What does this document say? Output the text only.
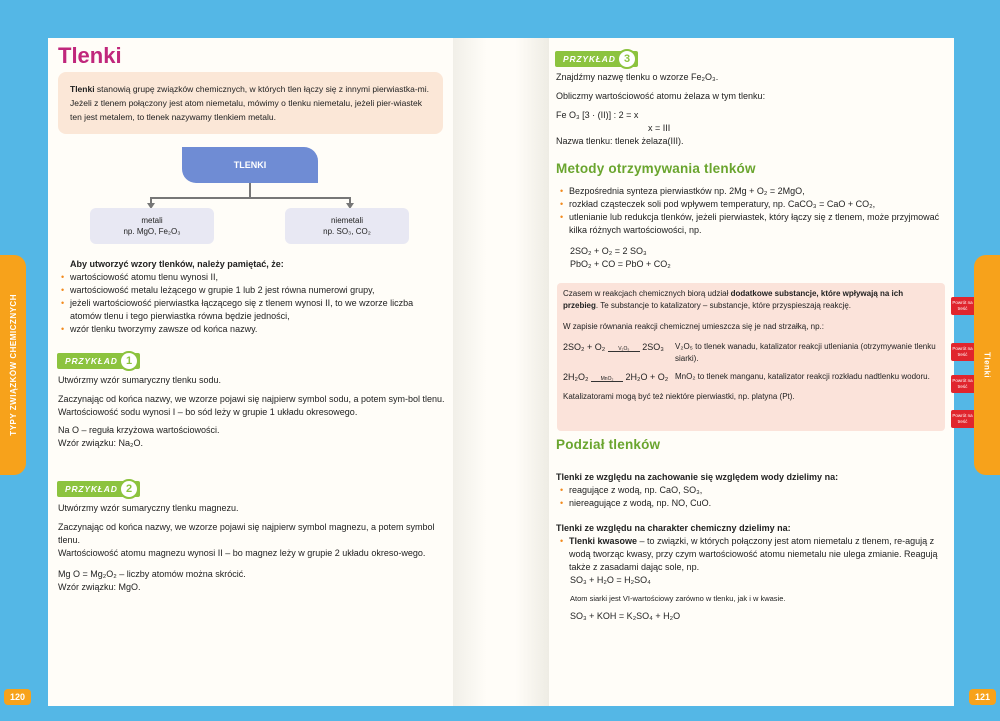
TYPY ZWIĄZKÓW CHEMICZNYCH	Tlenki
120	121
Tlenki
Tlenki stanowią grupę związków chemicznych, w których tlen łączy się z innymi pierwiastka-mi. Jeżeli z tlenem połączony jest atom niemetalu, mówimy o tlenku niemetalu, jeżeli pier-wiastek ten jest metalem, to tlenek nazywamy tlenkiem metalu.
TLENKI
metali
np. MgO, Fe₂O₃
niemetali
np. SO₃, CO₂
Aby utworzyć wzory tlenków, należy pamiętać, że:
• wartościowość atomu tlenu wynosi II,
• wartościowość metalu leżącego w grupie 1 lub 2 jest równa numerowi grupy,
• jeżeli wartościowość pierwiastka łączącego się z tlenem wynosi II, to we wzorze liczba atomów tlenu i tego pierwiastka równa będzie jedności,
• wzór tlenku tworzymy zawsze od końca nazwy.
PRZYKŁAD 1
Utwórzmy wzór sumaryczny tlenku sodu.
Zaczynając od końca nazwy, we wzorze pojawi się najpierw symbol sodu, a potem sym-bol tlenu.
Wartościowość sodu wynosi I – bo sód leży w grupie 1 układu okresowego.
Na O – reguła krzyżowa wartościowości.
Wzór związku: Na₂O.
PRZYKŁAD 2
Utwórzmy wzór sumaryczny tlenku magnezu.
Zaczynając od końca nazwy, we wzorze pojawi się najpierw symbol magnezu, a potem symbol tlenu.
Wartościowość atomu magnezu wynosi II – bo magnez leży w grupie 2 układu okreso-wego.
Mg O = Mg₂O₂ – liczby atomów można skrócić.
Wzór związku: MgO.
PRZYKŁAD 3
Znajdźmy nazwę tlenku o wzorze Fe₂O₃.
Obliczmy wartościowość atomu żelaza w tym tlenku:
Fe O₃ [3 · (II)] : 2 = x
x = III
Nazwa tlenku: tlenek żelaza(III).
Metody otrzymywania tlenków
• Bezpośrednia synteza pierwiastków np. 2Mg + O₂ = 2MgO,
• rozkład cząsteczek soli pod wpływem temperatury, np. CaCO₃ = CaO + CO₂,
• utlenianie lub redukcja tlenków, jeżeli pierwiastek, który łączy się z tlenem, może przyjmować kilka różnych wartościowości, np.
2SO₂ + O₂ = 2 SO₃
PbO₂ + CO = PbO + CO₂
Czasem w reakcjach chemicznych biorą udział dodatkowe substancje, które wpływają na ich przebieg. Te substancje to katalizatory – substancje, które przyspieszają reakcję.
W zapisie równania reakcji chemicznej umieszcza się je nad strzałką, np.:
2SO₂ + O₂	V₂O₅ 2SO₃	V₂O₅ to tlenek wanadu, katalizator reakcji utleniania (otrzymywanie tlenku siarki).
2H₂O₂ MnO₂ 2H₂O + O₂ MnO₂ to tlenek manganu, katalizator reakcji rozkładu nadtlenku wodoru.
Katalizatorami mogą być też niektóre pierwiastki, np. platyna (Pt).
Powrót na treść
Powrót na treść
Powrót na treść
Powrót na treść
Podział tlenków
Tlenki ze względu na zachowanie się względem wody dzielimy na:
• reagujące z wodą, np. CaO, SO₃,
• niereagujące z wodą, np. NO, CuO.
Tlenki ze względu na charakter chemiczny dzielimy na:
• Tlenki kwasowe – to związki, w których połączony jest atom niemetalu z tlenem, re-agują z wodą tworząc kwasy, przy czym wartościowość atomu niemetalu nie ulega zmianie. Reagują także z zasadami dając sole, np.
SO₃ + H₂O = H₂SO₄
Atom siarki jest VI-wartościowy zarówno w tlenku, jak i w kwasie.
SO₃ + KOH = K₂SO₄ + H₂O
